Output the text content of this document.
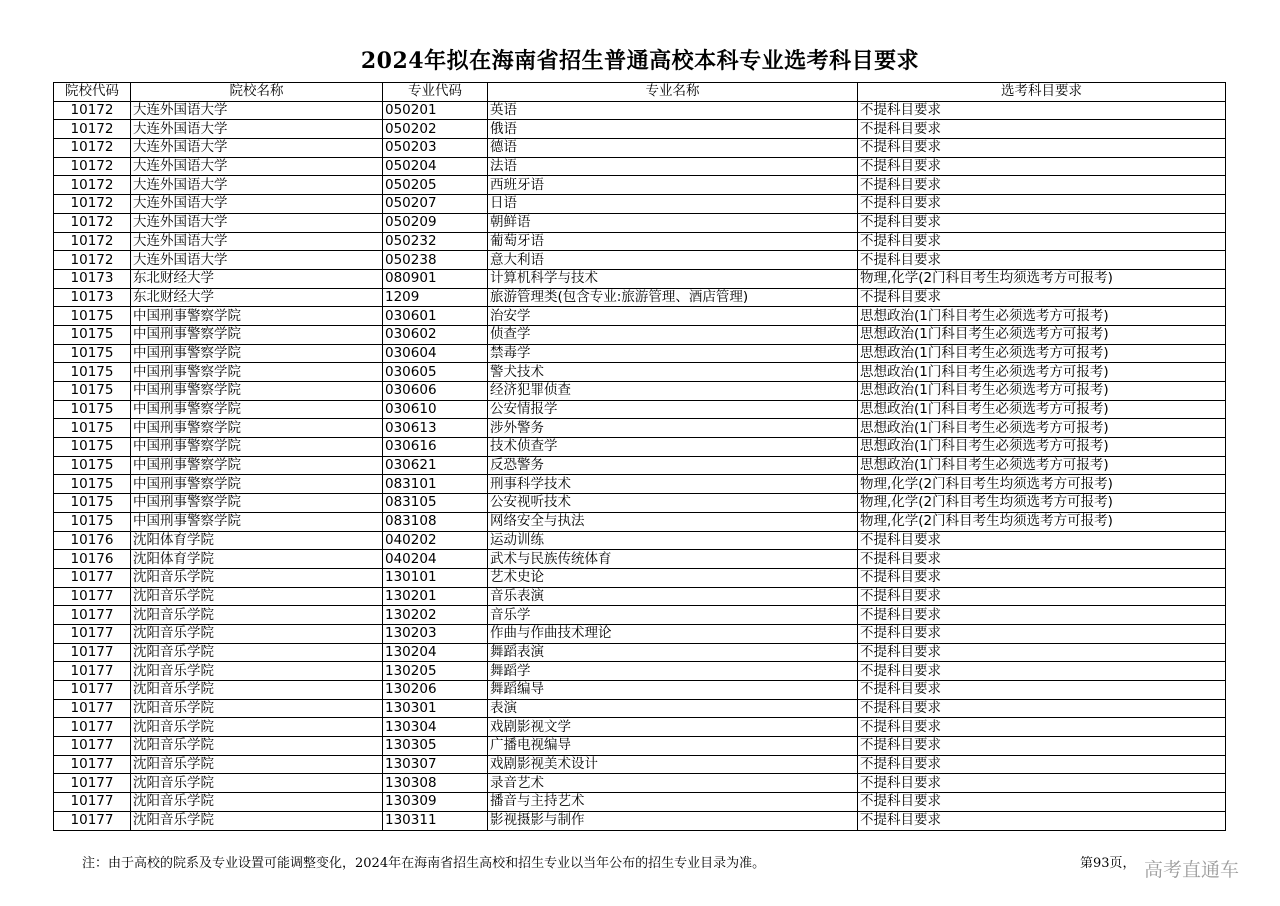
2024年拟在海南省招生普通高校本科专业选考科目要求
院校代码	院校名称	专业代码	专业名称	选考科目要求
10172	大连外国语大学	050201	英语	不提科目要求
10172	大连外国语大学	050202	俄语	不提科目要求
10172	大连外国语大学	050203	德语	不提科目要求
10172	大连外国语大学	050204	法语	不提科目要求
10172	大连外国语大学	050205	西班牙语	不提科目要求
10172	大连外国语大学	050207	日语	不提科目要求
10172	大连外国语大学	050209	朝鲜语	不提科目要求
10172	大连外国语大学	050232	葡萄牙语	不提科目要求
10172	大连外国语大学	050238	意大利语	不提科目要求
10173	东北财经大学	080901	计算机科学与技术	物理,化学(2门科目考生均须选考方可报考)
10173	东北财经大学	1209	旅游管理类(包含专业:旅游管理、酒店管理)	不提科目要求
10175	中国刑事警察学院	030601	治安学	思想政治(1门科目考生必须选考方可报考)
10175	中国刑事警察学院	030602	侦查学	思想政治(1门科目考生必须选考方可报考)
10175	中国刑事警察学院	030604	禁毒学	思想政治(1门科目考生必须选考方可报考)
10175	中国刑事警察学院	030605	警犬技术	思想政治(1门科目考生必须选考方可报考)
10175	中国刑事警察学院	030606	经济犯罪侦查	思想政治(1门科目考生必须选考方可报考)
10175	中国刑事警察学院	030610	公安情报学	思想政治(1门科目考生必须选考方可报考)
10175	中国刑事警察学院	030613	涉外警务	思想政治(1门科目考生必须选考方可报考)
10175	中国刑事警察学院	030616	技术侦查学	思想政治(1门科目考生必须选考方可报考)
10175	中国刑事警察学院	030621	反恐警务	思想政治(1门科目考生必须选考方可报考)
10175	中国刑事警察学院	083101	刑事科学技术	物理,化学(2门科目考生均须选考方可报考)
10175	中国刑事警察学院	083105	公安视听技术	物理,化学(2门科目考生均须选考方可报考)
10175	中国刑事警察学院	083108	网络安全与执法	物理,化学(2门科目考生均须选考方可报考)
10176	沈阳体育学院	040202	运动训练	不提科目要求
10176	沈阳体育学院	040204	武术与民族传统体育	不提科目要求
10177	沈阳音乐学院	130101	艺术史论	不提科目要求
10177	沈阳音乐学院	130201	音乐表演	不提科目要求
10177	沈阳音乐学院	130202	音乐学	不提科目要求
10177	沈阳音乐学院	130203	作曲与作曲技术理论	不提科目要求
10177	沈阳音乐学院	130204	舞蹈表演	不提科目要求
10177	沈阳音乐学院	130205	舞蹈学	不提科目要求
10177	沈阳音乐学院	130206	舞蹈编导	不提科目要求
10177	沈阳音乐学院	130301	表演	不提科目要求
10177	沈阳音乐学院	130304	戏剧影视文学	不提科目要求
10177	沈阳音乐学院	130305	广播电视编导	不提科目要求
10177	沈阳音乐学院	130307	戏剧影视美术设计	不提科目要求
10177	沈阳音乐学院	130308	录音艺术	不提科目要求
10177	沈阳音乐学院	130309	播音与主持艺术	不提科目要求
10177	沈阳音乐学院	130311	影视摄影与制作	不提科目要求
注：由于高校的院系及专业设置可能调整变化，2024年在海南省招生高校和招生专业以当年公布的招生专业目录为准。	第93页， 高考直通车
